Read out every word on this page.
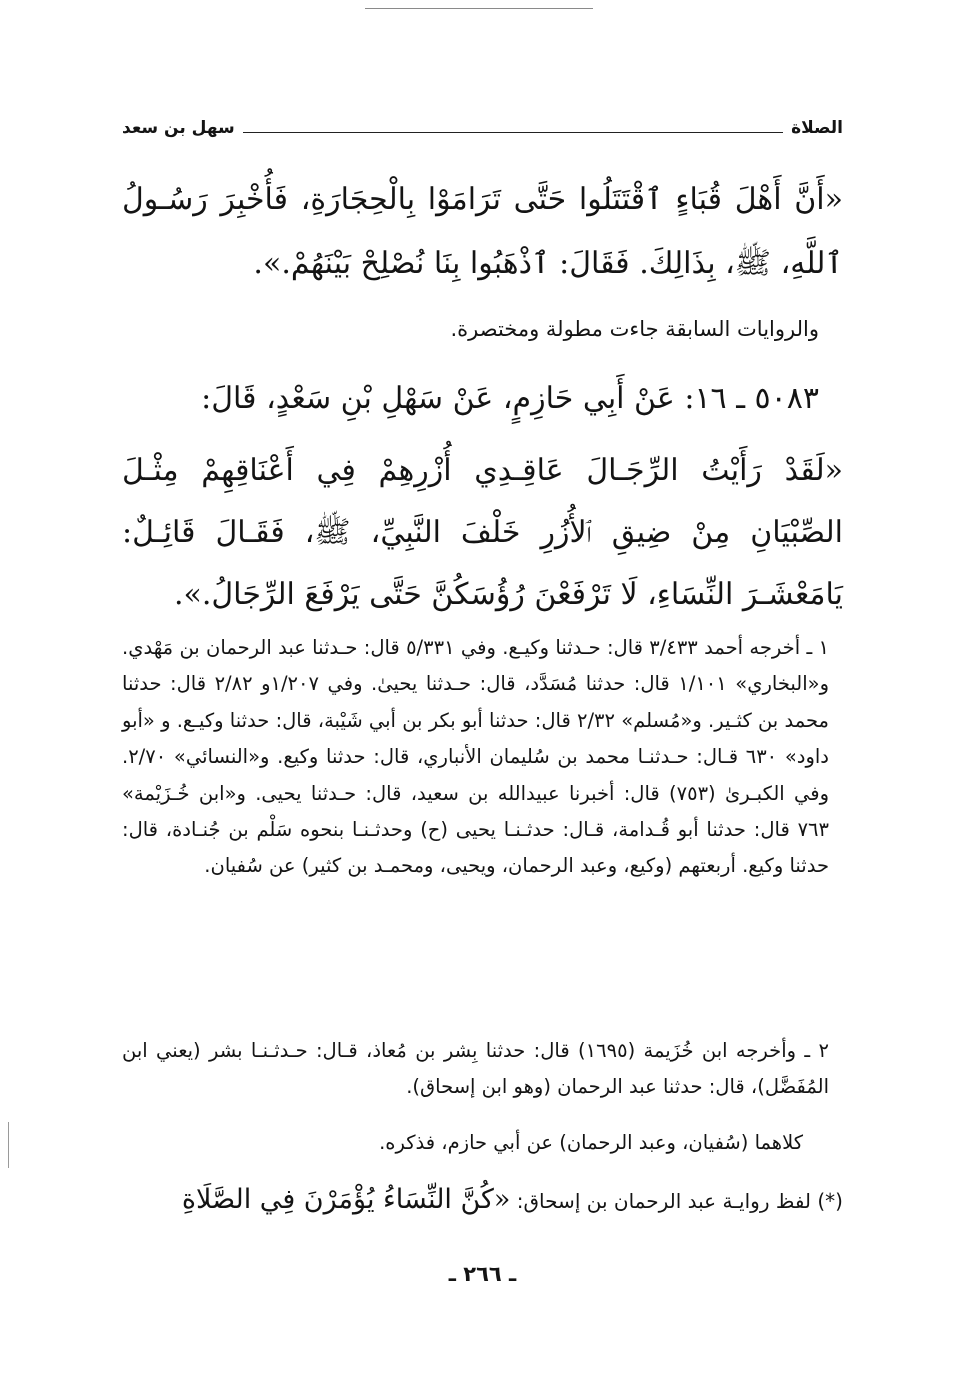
الصلاة
سهل بن سعد
«أَنَّ أَهْلَ قُبَاءٍ ٱقْتَتَلُوا حَتَّى تَرَامَوْا بِالْحِجَارَةِ، فَأُخْبِرَ رَسُـولُ ٱللَّهِ، ﷺ، بِذَالِكَ. فَقَالَ: ٱذْهَبُوا بِنَا نُصْلِحْ بَيْنَهُمْ.».
والروايات السابقة جاءت مطولة ومختصرة.
٥٠٨٣ ـ ١٦: عَنْ أَبِي حَازِمٍ، عَنْ سَهْلِ بْنِ سَعْدٍ، قَالَ:
«لَقَدْ رَأَيْتُ الرِّجَـالَ عَاقِـدِي أُزْرِهِمْ فِي أَعْنَاقِهِمْ مِثْـلَ الصِّبْيَانِ مِنْ ضِيقِ ٱلأُزُرِ خَلْفَ النَّبِيِّ، ﷺ، فَقَـالَ قَائِـلٌ: يَامَعْشَـرَ النِّسَاءِ، لَا تَرْفَعْنَ رُؤُسَكُنَّ حَتَّى يَرْفَعَ الرِّجَالُ.».
١ ـ أخرجه أحمد ٣/٤٣٣ قال: حـدثنا وكيـع. وفي ٥/٣٣١ قال: حـدثنا عبد الرحمان بن مَهْدي. و«البخاري» ١/١٠١ قال: حدثنا مُسَدَّد، قال: حـدثنا يحيىٰ. وفي ١/٢٠٧و ٢/٨٢ قال: حدثنا محمد بن كثـير. و«مُسلم» ٢/٣٢ قال: حدثنا أبو بكر بن أبي شَيْبة، قال: حدثنا وكيـع. و «أبو داود» ٦٣٠ قـال: حـدثنـا محمد بن سُليمان الأنباري، قال: حدثنا وكيع. و«النسائي» ٢/٧٠. وفي الكبـرىٰ (٧٥٣) قال: أخبرنا عبيدالله بن سعيد، قال: حـدثنا يحيى. و«ابن خُـزَيْمة» ٧٦٣ قال: حدثنا أبو قُـدامة، قـال: حدثـنـا يحيى (ح) وحدثـنـا بنحوه سَلْم بن جُنـادة، قال: حدثنا وكيع. أربعتهم (وكيع، وعبد الرحمان، ويحيى، ومحمـد بن كثير) عن سُفيان.
٢ ـ وأخرجه ابن خُزَيمة (١٦٩٥) قال: حدثنا بِشر بن مُعاذ، قـال: حـدثـنـا بشر (يعني ابن المُفَضَّل)، قال: حدثنا عبد الرحمان (وهو ابن إسحاق).
كلاهما (سُفيان، وعبد الرحمان) عن أبي حازم، فذكره.
(*) لفظ روايـة عبد الرحمان بن إسحاق: «كُنَّ النِّسَاءُ يُؤْمَرْنَ فِي الصَّلَاةِ
ـ ٢٦٦ ـ
